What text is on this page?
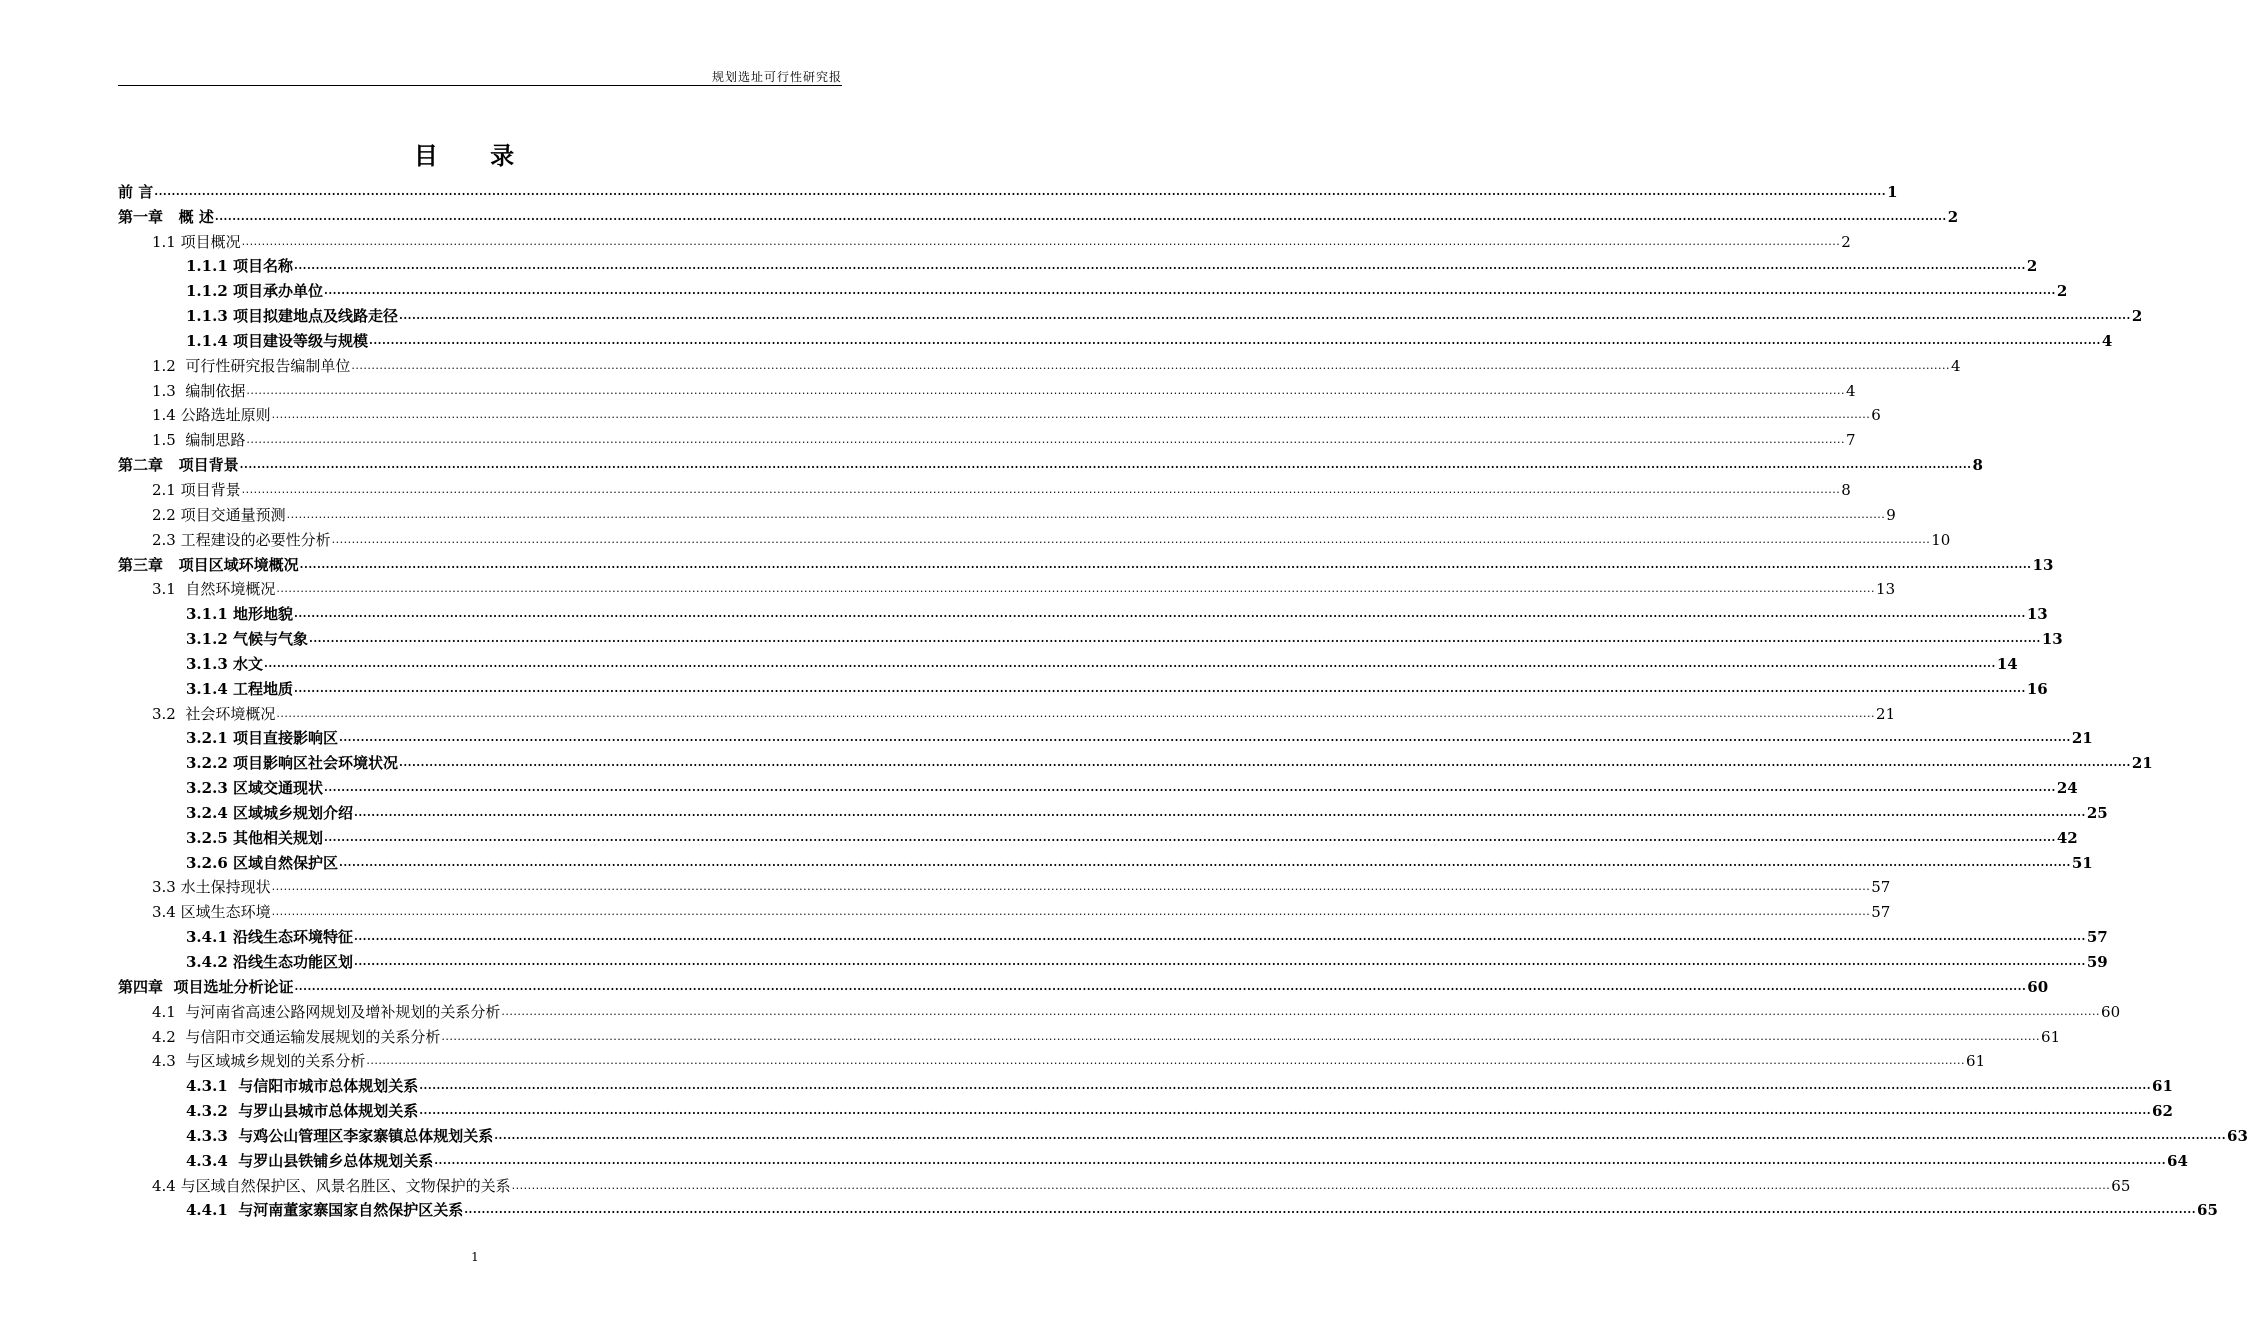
规划选址可行性研究报
目 录
前 言 ................................................................................................................................................................................................................................................................................................................................................................................................................ 1
第一章   概 述 ................................................................................................................................................................................................................................................................................................................................................................................................................ 2
1.1 项目概况 ................................................................................................................................................................................................................................................................................................................................................................................................................ 2
1.1.1 项目名称 ................................................................................................................................................................................................................................................................................................................................................................................................................ 2
1.1.2 项目承办单位 ................................................................................................................................................................................................................................................................................................................................................................................................................ 2
1.1.3 项目拟建地点及线路走径 ................................................................................................................................................................................................................................................................................................................................................................................................................ 2
1.1.4 项目建设等级与规模 ................................................................................................................................................................................................................................................................................................................................................................................................................ 4
1.2  可行性研究报告编制单位 ................................................................................................................................................................................................................................................................................................................................................................................................................ 4
1.3  编制依据 ................................................................................................................................................................................................................................................................................................................................................................................................................ 4
1.4 公路选址原则 ................................................................................................................................................................................................................................................................................................................................................................................................................ 6
1.5  编制思路 ................................................................................................................................................................................................................................................................................................................................................................................................................ 7
第二章   项目背景 ................................................................................................................................................................................................................................................................................................................................................................................................................ 8
2.1 项目背景 ................................................................................................................................................................................................................................................................................................................................................................................................................ 8
2.2 项目交通量预测 ................................................................................................................................................................................................................................................................................................................................................................................................................ 9
2.3 工程建设的必要性分析 ................................................................................................................................................................................................................................................................................................................................................................................................................ 10
第三章   项目区域环境概况 ................................................................................................................................................................................................................................................................................................................................................................................................................ 13
3.1  自然环境概况 ................................................................................................................................................................................................................................................................................................................................................................................................................ 13
3.1.1 地形地貌 ................................................................................................................................................................................................................................................................................................................................................................................................................ 13
3.1.2 气候与气象 ................................................................................................................................................................................................................................................................................................................................................................................................................ 13
3.1.3 水文 ................................................................................................................................................................................................................................................................................................................................................................................................................ 14
3.1.4 工程地质 ................................................................................................................................................................................................................................................................................................................................................................................................................ 16
3.2  社会环境概况 ................................................................................................................................................................................................................................................................................................................................................................................................................ 21
3.2.1 项目直接影响区 ................................................................................................................................................................................................................................................................................................................................................................................................................ 21
3.2.2 项目影响区社会环境状况 ................................................................................................................................................................................................................................................................................................................................................................................................................ 21
3.2.3 区域交通现状 ................................................................................................................................................................................................................................................................................................................................................................................................................ 24
3.2.4 区域城乡规划介绍 ................................................................................................................................................................................................................................................................................................................................................................................................................ 25
3.2.5 其他相关规划 ................................................................................................................................................................................................................................................................................................................................................................................................................ 42
3.2.6 区域自然保护区 ................................................................................................................................................................................................................................................................................................................................................................................................................ 51
3.3 水土保持现状 ................................................................................................................................................................................................................................................................................................................................................................................................................ 57
3.4 区域生态环境 ................................................................................................................................................................................................................................................................................................................................................................................................................ 57
3.4.1 沿线生态环境特征 ................................................................................................................................................................................................................................................................................................................................................................................................................ 57
3.4.2 沿线生态功能区划 ................................................................................................................................................................................................................................................................................................................................................................................................................ 59
第四章  项目选址分析论证 ................................................................................................................................................................................................................................................................................................................................................................................................................ 60
4.1  与河南省高速公路网规划及增补规划的关系分析 ................................................................................................................................................................................................................................................................................................................................................................................................................ 60
4.2  与信阳市交通运输发展规划的关系分析 ................................................................................................................................................................................................................................................................................................................................................................................................................ 61
4.3  与区域城乡规划的关系分析 ................................................................................................................................................................................................................................................................................................................................................................................................................ 61
4.3.1  与信阳市城市总体规划关系 ................................................................................................................................................................................................................................................................................................................................................................................................................ 61
4.3.2  与罗山县城市总体规划关系 ................................................................................................................................................................................................................................................................................................................................................................................................................ 62
4.3.3  与鸡公山管理区李家寨镇总体规划关系 ................................................................................................................................................................................................................................................................................................................................................................................................................ 63
4.3.4  与罗山县铁铺乡总体规划关系 ................................................................................................................................................................................................................................................................................................................................................................................................................ 64
4.4 与区域自然保护区、风景名胜区、文物保护的关系 ................................................................................................................................................................................................................................................................................................................................................................................................................ 65
4.4.1  与河南董家寨国家自然保护区关系 ................................................................................................................................................................................................................................................................................................................................................................................................................ 65
1
